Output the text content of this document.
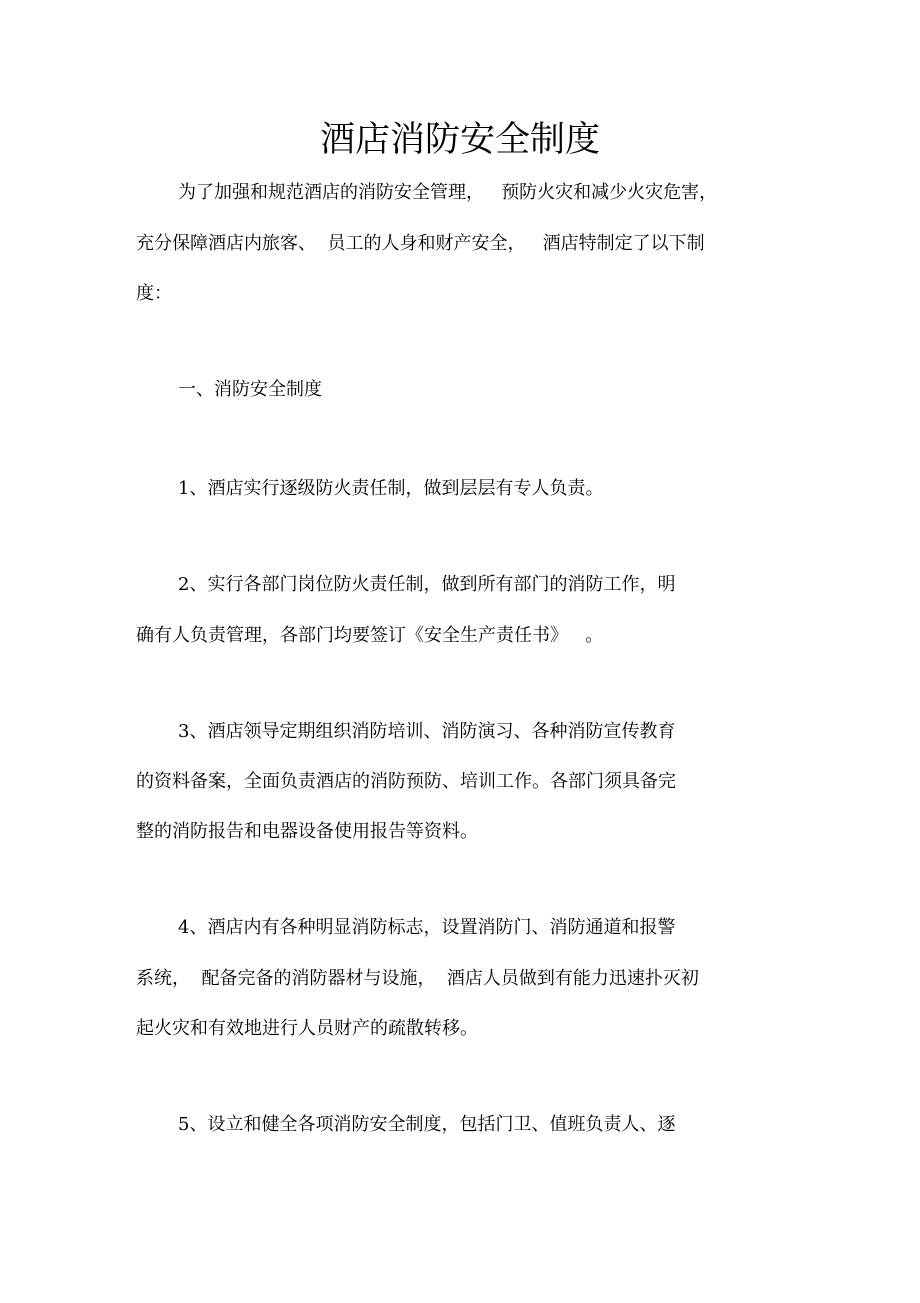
酒店消防安全制度

为了加强和规范酒店的消防安全管理，   预防火灾和减少火灾危害，

充分保障酒店内旅客、  员工的人身和财产安全，   酒店特制定了以下制

度：

一、消防安全制度

1、酒店实行逐级防火责任制，做到层层有专人负责。

2、实行各部门岗位防火责任制，做到所有部门的消防工作，明

确有人负责管理，各部门均要签订《安全生产责任书》   。

3、酒店领导定期组织消防培训、消防演习、各种消防宣传教育

的资料备案，全面负责酒店的消防预防、培训工作。各部门须具备完

整的消防报告和电器设备使用报告等资料。

4、酒店内有各种明显消防标志，设置消防门、消防通道和报警

系统，  配备完备的消防器材与设施，  酒店人员做到有能力迅速扑灭初

起火灾和有效地进行人员财产的疏散转移。

5、设立和健全各项消防安全制度，包括门卫、值班负责人、逐
